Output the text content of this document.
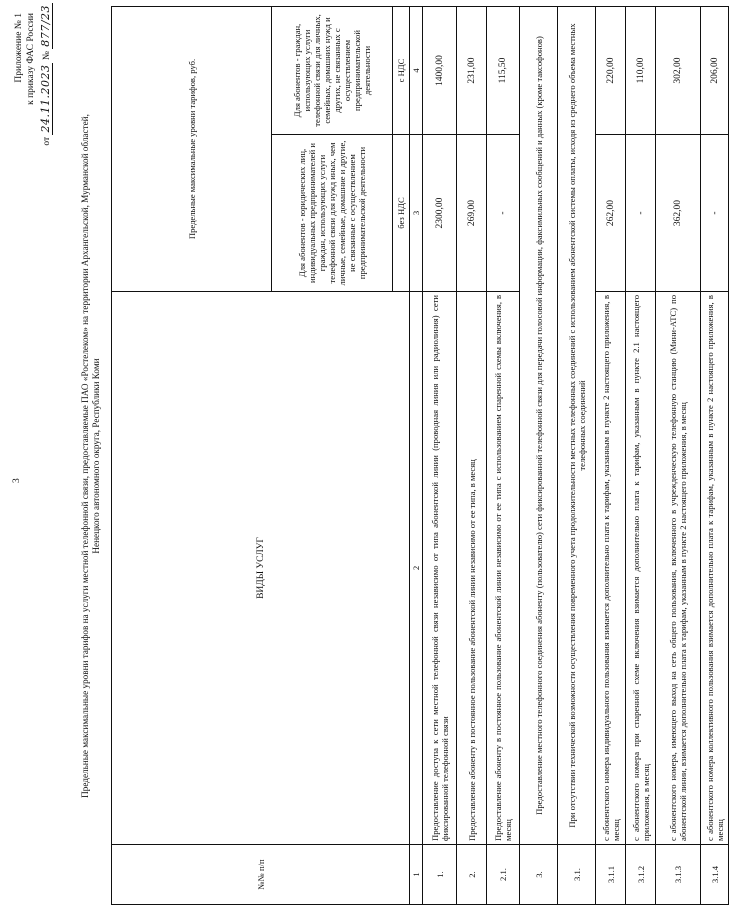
3
Приложение № 1 к приказу ФАС России
от 24.11.2023 № 877/23
Предельные максимальные уровни тарифов на услуги местной телефонной связи, предоставляемые ПАО «Ростелеком» на территории Архангельской, Мурманской областей, Ненецкого автономного округа, Республики Коми
№№ п/п	ВИДЫ УСЛУГ	Предельные максимальные уровни тарифов, руб.	
		Для абонентов - юридических лиц, индивидуальных предпринимателей и граждан, использующих услуги телефонной связи для нужд иных, чем личные, семейные, домашние и другие, не связанные с осуществлением предпринимательской деятельности	Для абонентов - граждан, использующих услуги телефонной связи для личных, семейных, домашних нужд и других, не связанных с осуществлением предпринимательской деятельности
		без НДС	с НДС
1	2	3	4
1.	Предоставление доступа к сети местной телефонной связи независимо от типа абонентской линии (проводная линия или радиолиния) сети фиксированной телефонной связи	2300,00	1400,00
2.	Предоставление абоненту в постоянное пользование абонентской линии независимо от ее типа, в месяц	269,00	231,00
2.1.	Предоставление абоненту в постоянное пользование абонентской линии независимо от ее типа с использованием спаренной схемы включения, в месяц	-	115,50
3.	Предоставление местного телефонного соединения абоненту (пользователю) сети фиксированной телефонной связи для передачи голосовой информации, факсимильных сообщений и данных (кроме таксофонов)		
3.1.	При отсутствии технической возможности осуществления повременного учета продолжительности местных телефонных соединений с использованием абонентской системы оплаты, исходя из среднего объема местных телефонных соединений		
3.1.1	с абонентского номера индивидуального пользования взимается дополнительно плата к тарифам, указанным в пункте 2 настоящего приложения, в месяц	262,00	220,00
3.1.2	с абонентского номера при спаренной схеме включения взимается дополнительно плата к тарифам, указанным в пункте 2.1 настоящего приложения, в месяц	-	110,00
3.1.3	с абонентского номера, имеющего выход на сеть общего пользования, включенного в учрежденческую телефонную станцию (Мини-АТС) по абонентской линии, взимается дополнительно плата к тарифам, указанным в пункте 2 настоящего приложения, в месяц	362,00	302,00
3.1.4	с абонентского номера коллективного пользования взимается дополнительно плата к тарифам, указанным в пункте 2 настоящего приложения, в месяц	-	206,00
